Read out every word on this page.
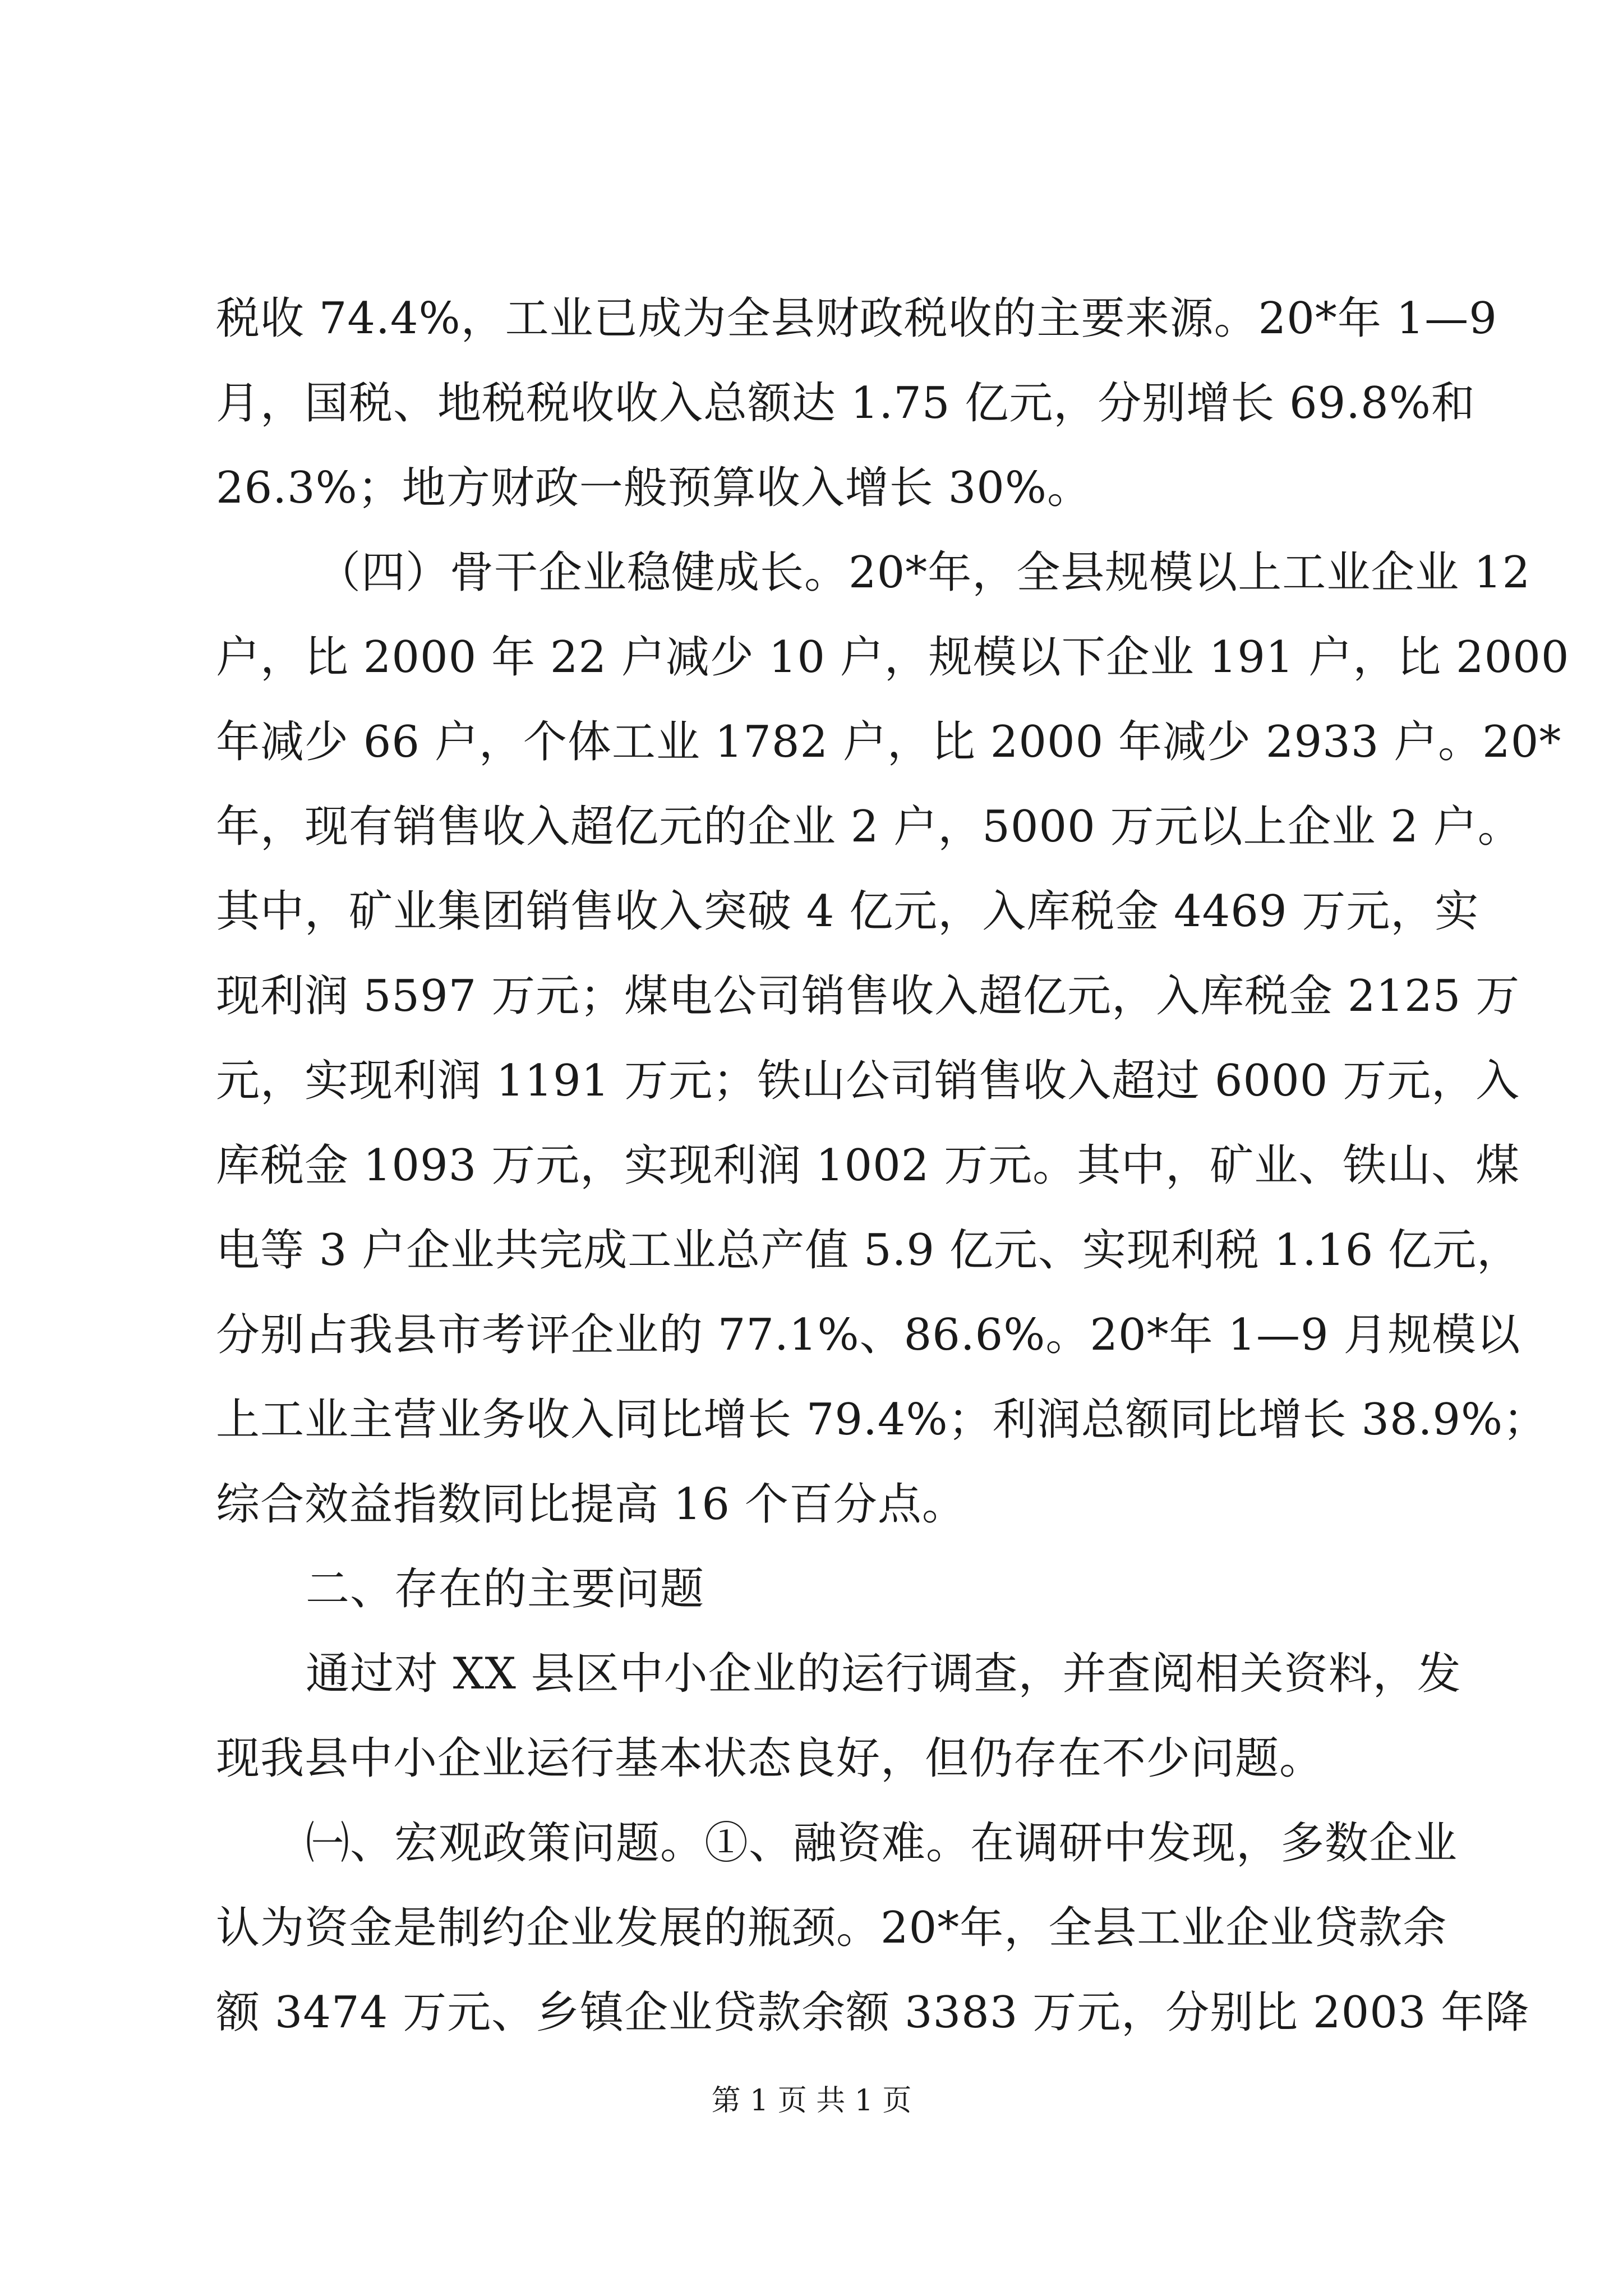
税收 74.4%，工业已成为全县财政税收的主要来源。20*年 1—9
月，国税、地税税收收入总额达 1.75 亿元，分别增长 69.8%和
26.3%；地方财政一般预算收入增长 30%。
（四）骨干企业稳健成长。20*年，全县规模以上工业企业 12
户，比 2000 年 22 户减少 10 户，规模以下企业 191 户，比 2000
年减少 66 户，个体工业 1782 户，比 2000 年减少 2933 户。20*
年，现有销售收入超亿元的企业 2 户，5000 万元以上企业 2 户。
其中，矿业集团销售收入突破 4 亿元，入库税金 4469 万元，实
现利润 5597 万元；煤电公司销售收入超亿元，入库税金 2125 万
元，实现利润 1191 万元；铁山公司销售收入超过 6000 万元，入
库税金 1093 万元，实现利润 1002 万元。其中，矿业、铁山、煤
电等 3 户企业共完成工业总产值 5.9 亿元、实现利税 1.16 亿元，
分别占我县市考评企业的 77.1%、86.6%。20*年 1—9 月规模以
上工业主营业务收入同比增长 79.4%；利润总额同比增长 38.9%；
综合效益指数同比提高 16 个百分点。
二、存在的主要问题
通过对 XX 县区中小企业的运行调查，并查阅相关资料，发
现我县中小企业运行基本状态良好，但仍存在不少问题。
㈠、宏观政策问题。①、融资难。在调研中发现，多数企业
认为资金是制约企业发展的瓶颈。20*年，全县工业企业贷款余
额 3474 万元、乡镇企业贷款余额 3383 万元，分别比 2003 年降
第 1 页 共 1 页
